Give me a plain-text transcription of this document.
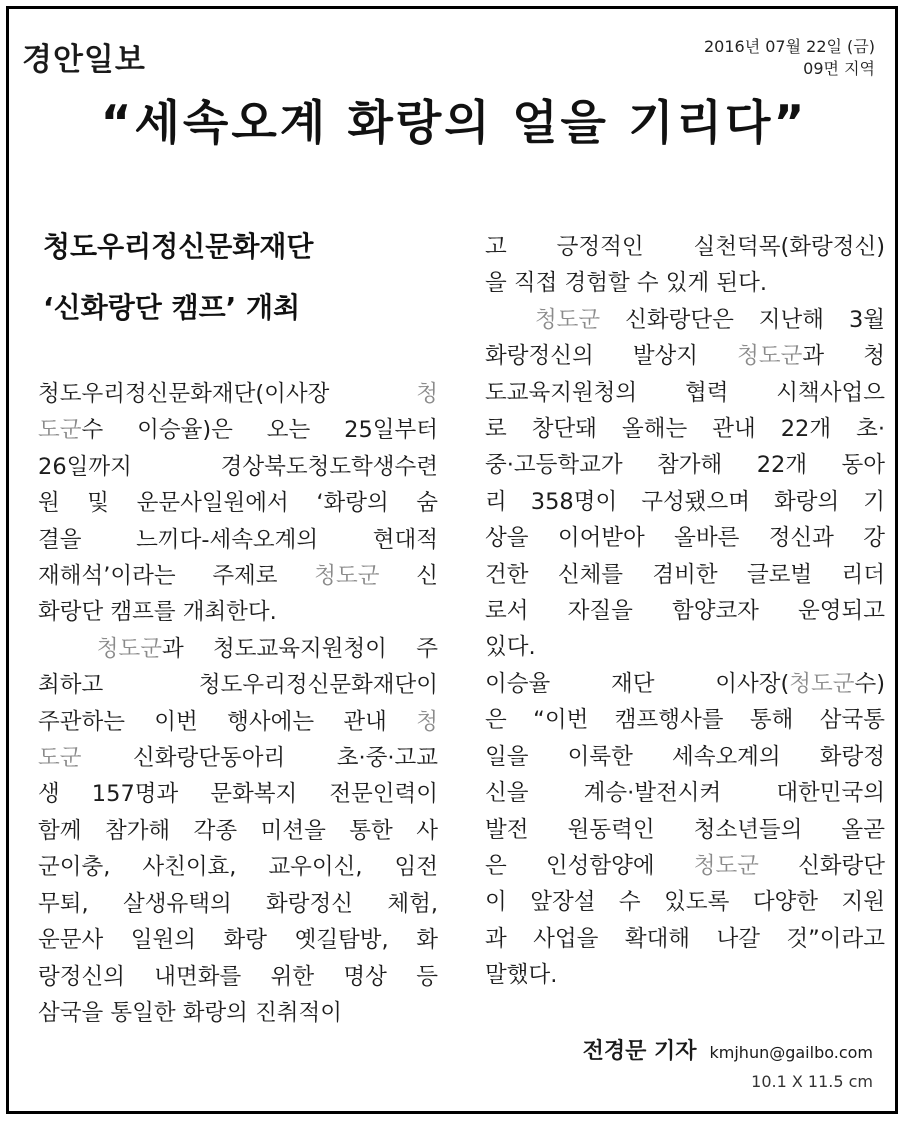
경안일보	2016년 07월 22일 (금)
09면 지역
“세속오계 화랑의 얼을 기리다”
청도우리정신문화재단
‘신화랑단 캠프’ 개최
청도우리정신문화재단(이사장 청
도군수 이승율)은 오는 25일부터
26일까지 경상북도청도학생수련
원 및 운문사일원에서 ‘화랑의 숨
결을 느끼다-세속오계의 현대적
재해석’이라는 주제로 청도군 신
화랑단 캠프를 개최한다.
청도군과 청도교육지원청이 주
최하고 청도우리정신문화재단이
주관하는 이번 행사에는 관내 청
도군 신화랑단동아리 초·중·고교
생 157명과 문화복지 전문인력이
함께 참가해 각종 미션을 통한 사
군이충, 사친이효, 교우이신, 임전
무퇴, 살생유택의 화랑정신 체험,
운문사 일원의 화랑 옛길탐방, 화
랑정신의 내면화를 위한 명상 등
삼국을 통일한 화랑의 진취적이
고 긍정적인 실천덕목(화랑정신)
을 직접 경험할 수 있게 된다.
청도군 신화랑단은 지난해 3월
화랑정신의 발상지 청도군과 청
도교육지원청의 협력 시책사업으
로 창단돼 올해는 관내 22개 초·
중·고등학교가 참가해 22개 동아
리 358명이 구성됐으며 화랑의 기
상을 이어받아 올바른 정신과 강
건한 신체를 겸비한 글로벌 리더
로서 자질을 함양코자 운영되고
있다.
이승율 재단 이사장(청도군수)
은 “이번 캠프행사를 통해 삼국통
일을 이룩한 세속오계의 화랑정
신을 계승·발전시켜 대한민국의
발전 원동력인 청소년들의 올곧
은 인성함양에 청도군 신화랑단
이 앞장설 수 있도록 다양한 지원
과 사업을 확대해 나갈 것”이라고
말했다.
전경문 기자 kmjhun@gailbo.com
10.1 X 11.5 cm
